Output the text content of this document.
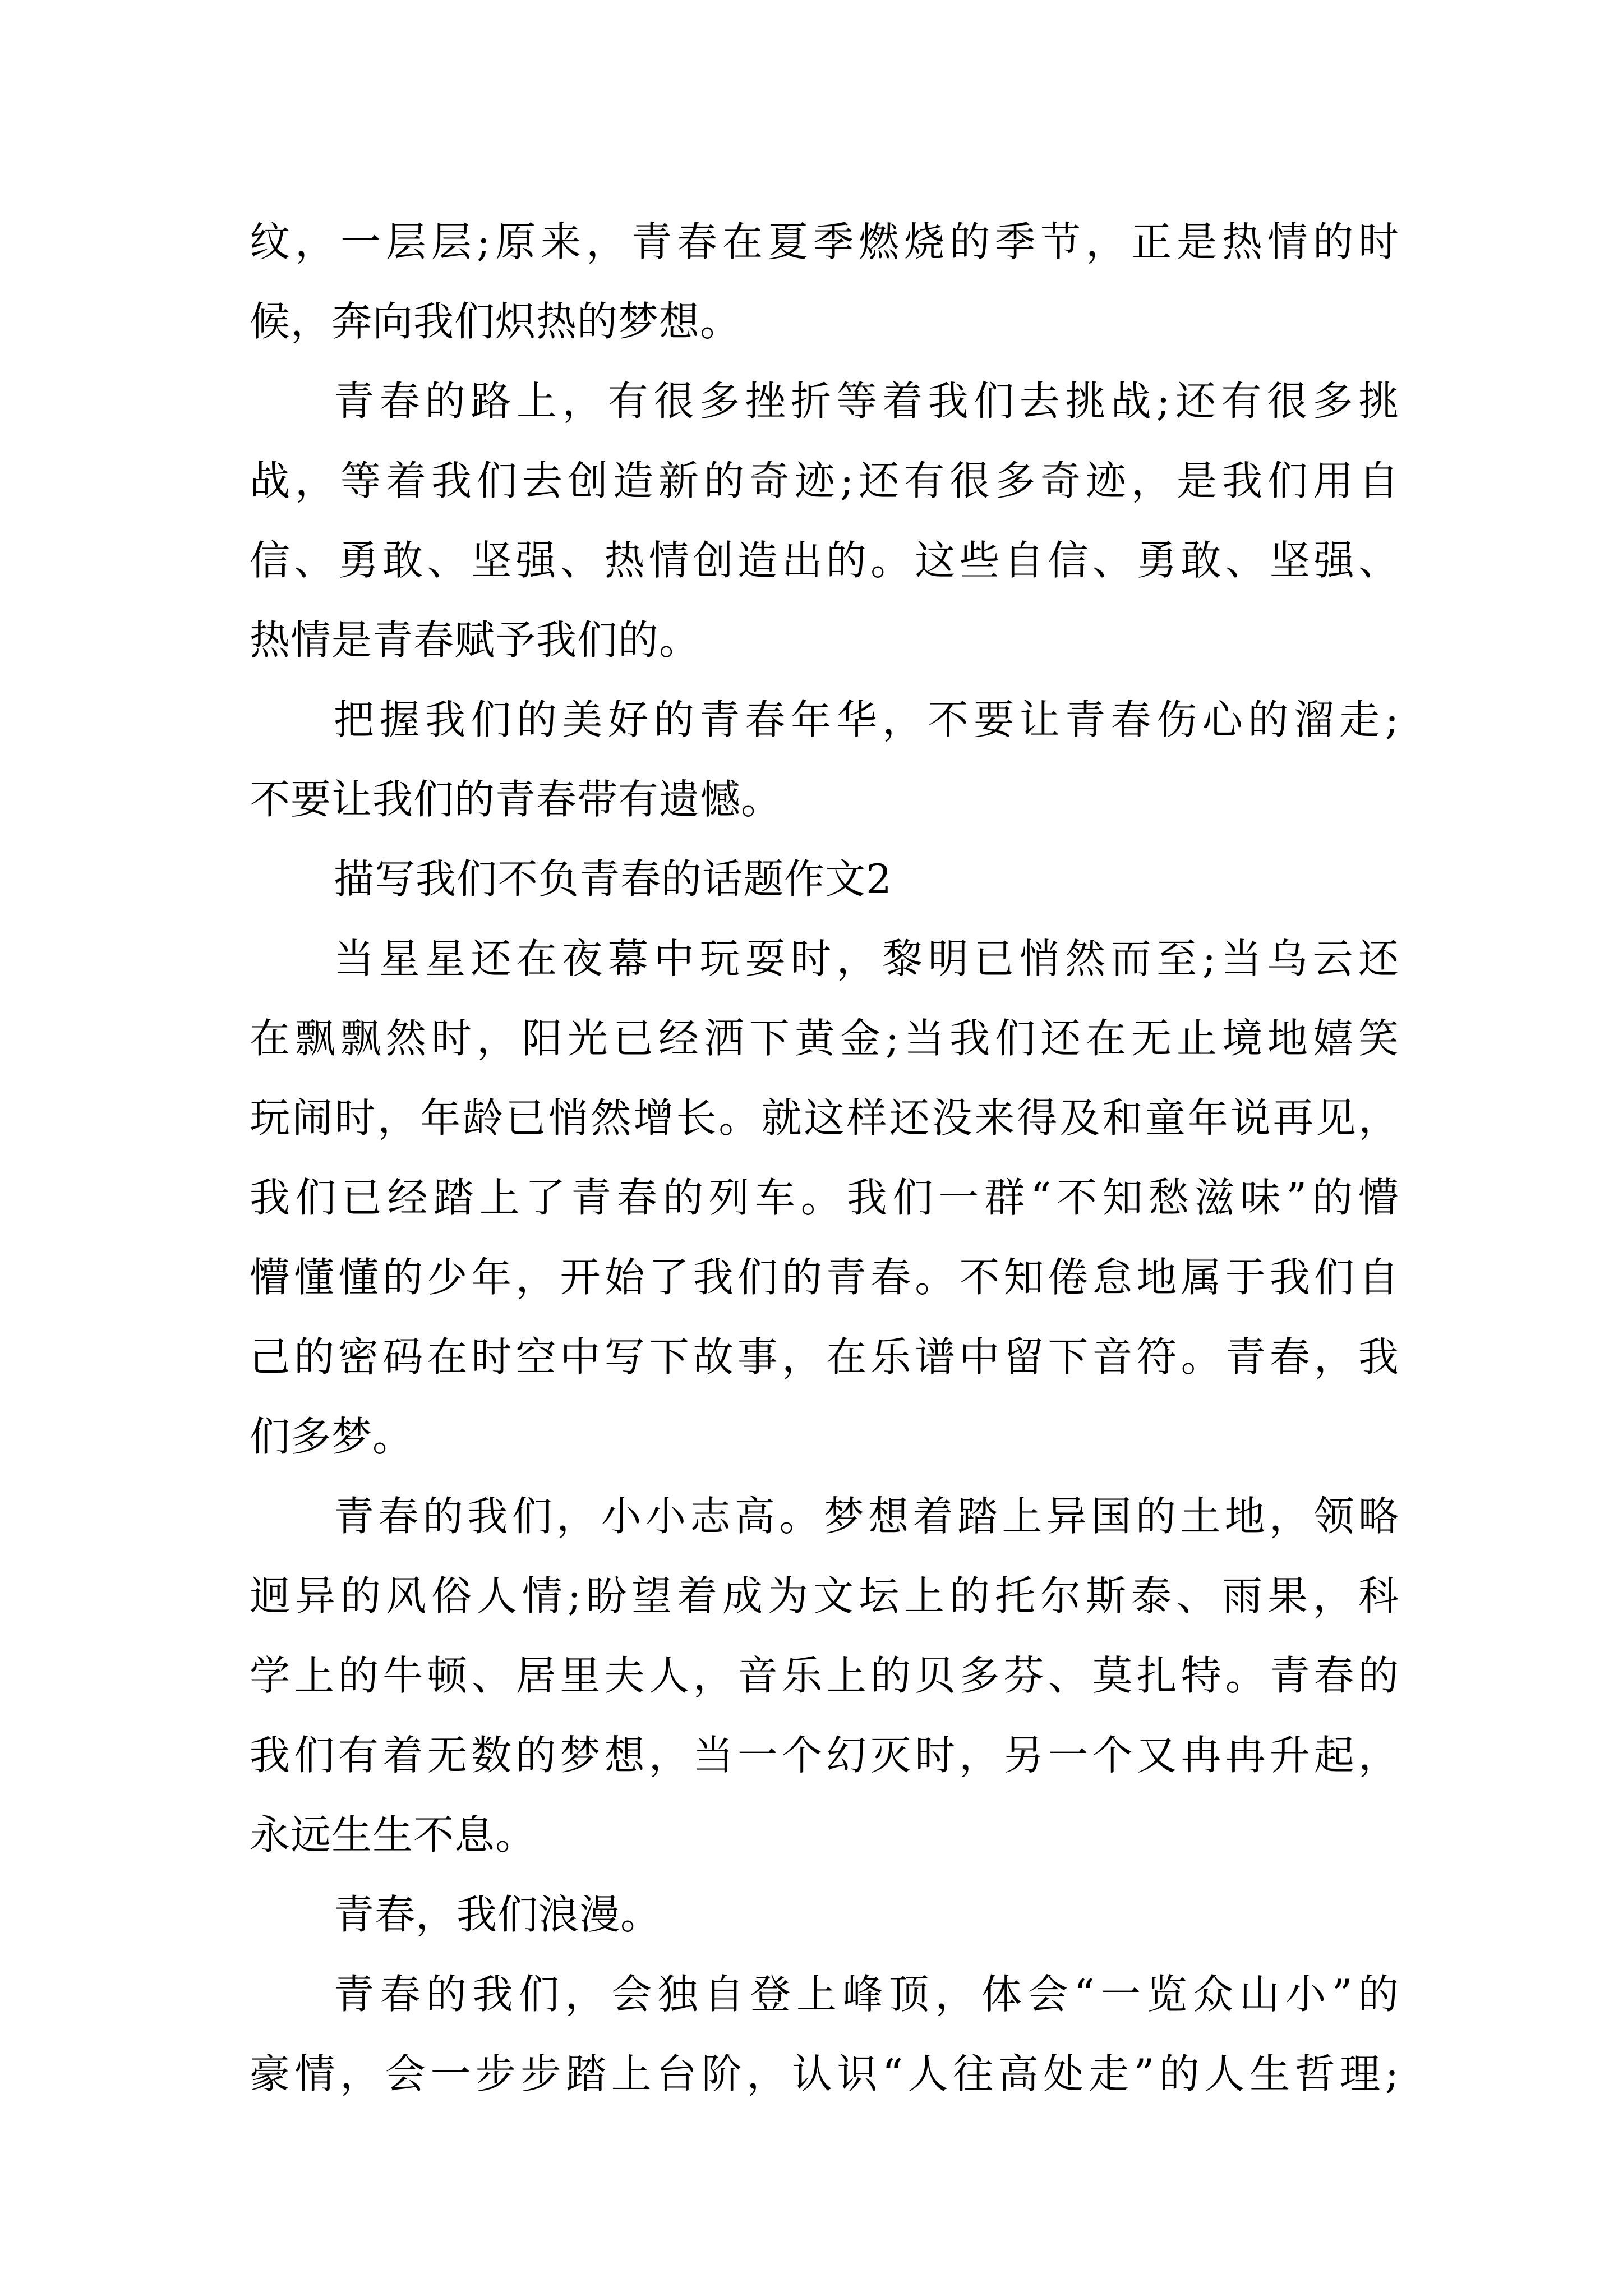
纹，一层层;原来，青春在夏季燃烧的季节，正是热情的时
候，奔向我们炽热的梦想。
青春的路上，有很多挫折等着我们去挑战;还有很多挑
战，等着我们去创造新的奇迹;还有很多奇迹，是我们用自
信、勇敢、坚强、热情创造出的。这些自信、勇敢、坚强、
热情是青春赋予我们的。
把握我们的美好的青春年华，不要让青春伤心的溜走;
不要让我们的青春带有遗憾。
描写我们不负青春的话题作文2
当星星还在夜幕中玩耍时，黎明已悄然而至;当乌云还
在飘飘然时，阳光已经洒下黄金;当我们还在无止境地嬉笑
玩闹时，年龄已悄然增长。就这样还没来得及和童年说再见，
我们已经踏上了青春的列车。我们一群“不知愁滋味”的懵
懵懂懂的少年，开始了我们的青春。不知倦怠地属于我们自
己的密码在时空中写下故事，在乐谱中留下音符。青春，我
们多梦。
青春的我们，小小志高。梦想着踏上异国的土地，领略
迥异的风俗人情;盼望着成为文坛上的托尔斯泰、雨果，科
学上的牛顿、居里夫人，音乐上的贝多芬、莫扎特。青春的
我们有着无数的梦想，当一个幻灭时，另一个又冉冉升起，
永远生生不息。
青春，我们浪漫。
青春的我们，会独自登上峰顶，体会“一览众山小”的
豪情，会一步步踏上台阶，认识“人往高处走”的人生哲理;
